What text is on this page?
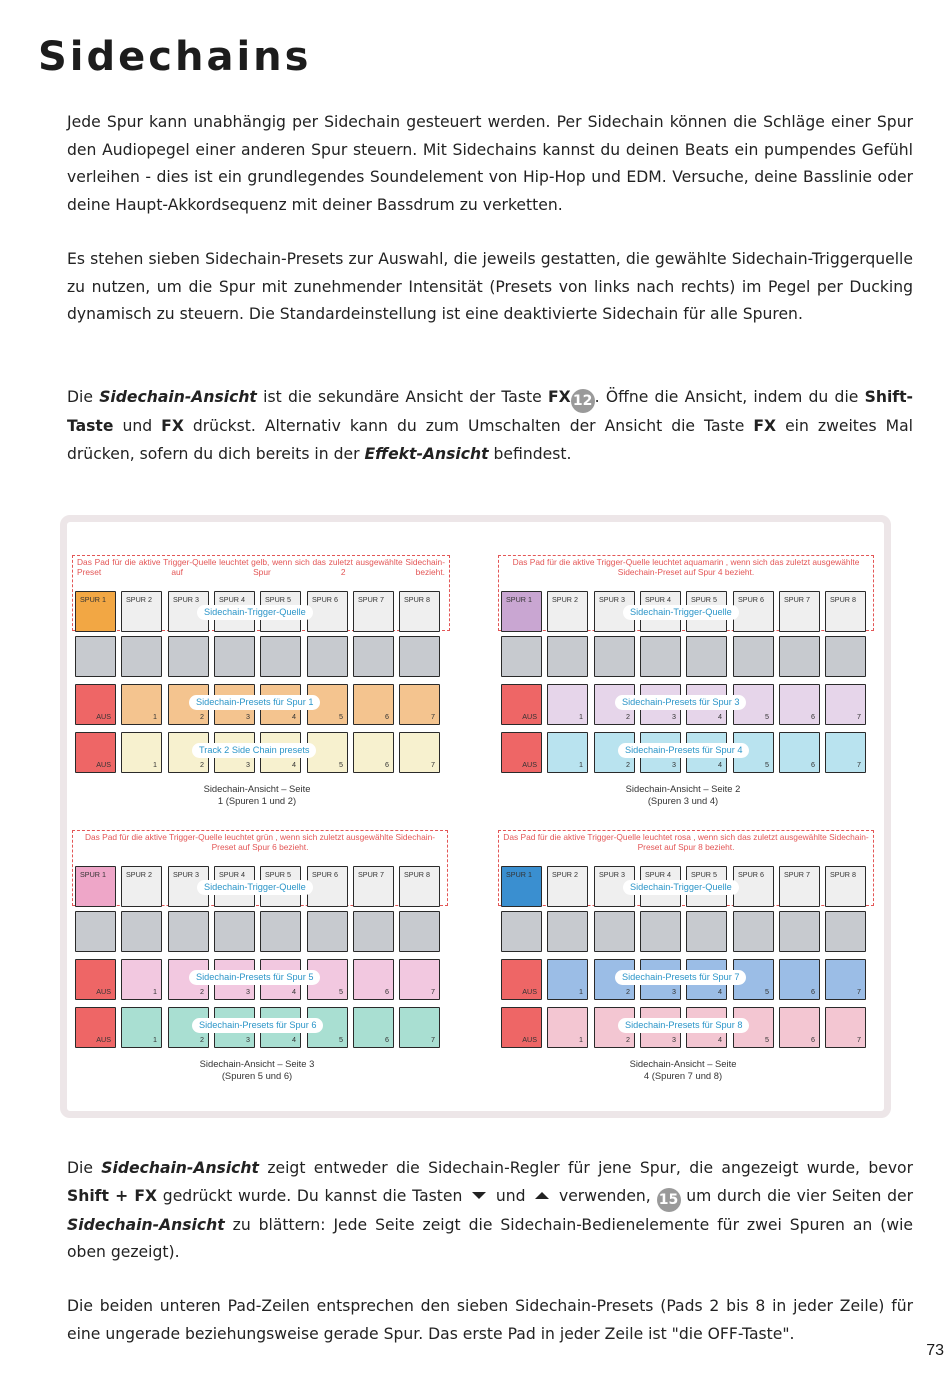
Sidechains

Jede Spur kann unabhängig per Sidechain gesteuert werden. Per Sidechain können die Schläge einer Spur den Audiopegel einer anderen Spur steuern. Mit Sidechains kannst du deinen Beats ein pumpendes Gefühl verleihen - dies ist ein grundlegendes Soundelement von Hip-Hop und EDM. Versuche, deine Basslinie oder deine Haupt-Akkordsequenz mit deiner Bassdrum zu verketten.

Es stehen sieben Sidechain-Presets zur Auswahl, die jeweils gestatten, die gewählte Sidechain-Triggerquelle zu nutzen, um die Spur mit zunehmender Intensität (Presets von links nach rechts) im Pegel per Ducking dynamisch zu steuern. Die Standardeinstellung ist eine deaktivierte Sidechain für alle Spuren.

Die Sidechain-Ansicht ist die sekundäre Ansicht der Taste FX 12 . Öffne die Ansicht, indem du die Shift-Taste und FX drückst. Alternativ kann du zum Umschalten der Ansicht die Taste FX ein zweites Mal drücken, sofern du dich bereits in der Effekt-Ansicht befindest.

Das Pad für die aktive Trigger-Quelle leuchtet gelb, wenn sich das zuletzt ausgewählte Sidechain-Preset auf Spur 2 bezieht.
SPUR 1
AUS
AUS
SPUR 2
1
1
SPUR 3
2
2
SPUR 4
3
3
SPUR 5
4
4
SPUR 6
5
5
SPUR 7
6
6
SPUR 8
7
7
Sidechain-Trigger-Quelle
Sidechain-Presets für Spur 1
Track 2 Side Chain presets
Sidechain-Ansicht – Seite
1 (Spuren 1 und 2)
Das Pad für die aktive Trigger-Quelle leuchtet aquamarin , wenn sich das zuletzt ausgewählte Sidechain-Preset auf Spur 4 bezieht.
SPUR 1
AUS
AUS
SPUR 2
1
1
SPUR 3
2
2
SPUR 4
3
3
SPUR 5
4
4
SPUR 6
5
5
SPUR 7
6
6
SPUR 8
7
7
Sidechain-Trigger-Quelle
Sidechain-Presets für Spur 3
Sidechain-Presets für Spur 4
Sidechain-Ansicht – Seite 2
(Spuren 3 und 4)
Das Pad für die aktive Trigger-Quelle leuchtet grün , wenn sich zuletzt ausgewählte Sidechain-Preset auf Spur 6 bezieht.
SPUR 1
AUS
AUS
SPUR 2
1
1
SPUR 3
2
2
SPUR 4
3
3
SPUR 5
4
4
SPUR 6
5
5
SPUR 7
6
6
SPUR 8
7
7
Sidechain-Trigger-Quelle
Sidechain-Presets für Spur 5
Sidechain-Presets für Spur 6
Sidechain-Ansicht – Seite 3
(Spuren 5 und 6)
Das Pad für die aktive Trigger-Quelle leuchtet rosa , wenn sich das zuletzt ausgewählte Sidechain-Preset auf Spur 8 bezieht.
SPUR 1
AUS
AUS
SPUR 2
1
1
SPUR 3
2
2
SPUR 4
3
3
SPUR 5
4
4
SPUR 6
5
5
SPUR 7
6
6
SPUR 8
7
7
Sidechain-Trigger-Quelle
Sidechain-Presets für Spur 7
Sidechain-Presets für Spur 8
Sidechain-Ansicht – Seite
4 (Spuren 7 und 8)

Die Sidechain-Ansicht zeigt entweder die Sidechain-Regler für jene Spur, die angezeigt wurde, bevor Shift + FX gedrückt wurde. Du kannst die Tasten  und  verwenden, 15 um durch die vier Seiten der Sidechain-Ansicht zu blättern: Jede Seite zeigt die Sidechain-Bedienelemente für zwei Spuren an (wie oben gezeigt).

Die beiden unteren Pad-Zeilen entsprechen den sieben Sidechain-Presets (Pads 2 bis 8 in jeder Zeile) für eine ungerade beziehungsweise gerade Spur. Das erste Pad in jeder Zeile ist "die OFF-Taste".

73
